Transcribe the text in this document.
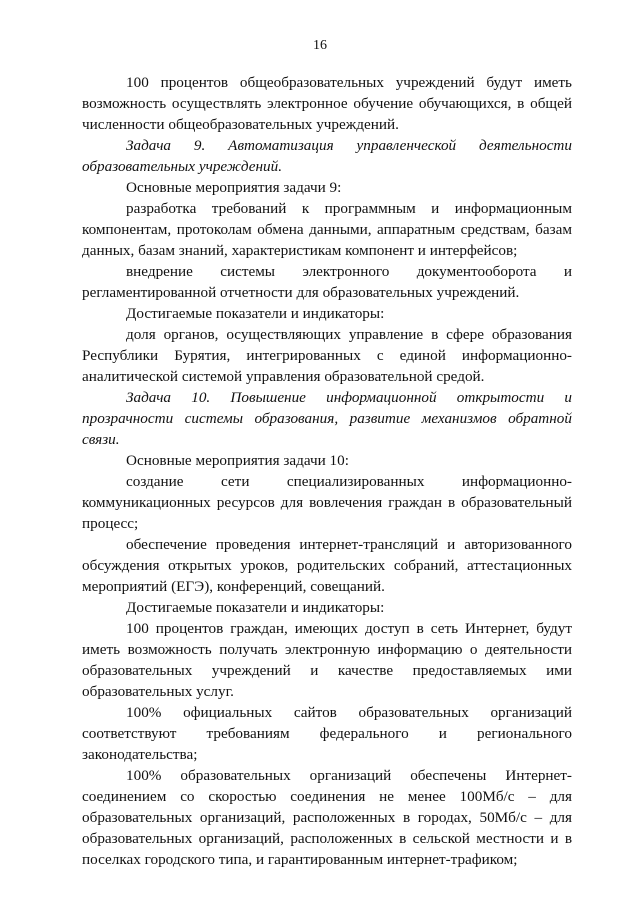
16

100 процентов общеобразовательных учреждений будут иметь возможность осуществлять электронное обучение обучающихся, в общей численности общеобразовательных учреждений.

Задача 9. Автоматизация управленческой деятельности образовательных учреждений.

Основные мероприятия задачи 9:

разработка требований к программным и информационным компонентам, протоколам обмена данными, аппаратным средствам, базам данных, базам знаний, характеристикам компонент и интерфейсов;

внедрение системы электронного документооборота и регламентированной отчетности для образовательных учреждений.

Достигаемые показатели и индикаторы:

доля органов, осуществляющих управление в сфере образования Республики Бурятия, интегрированных с единой информационно-аналитической системой управления образовательной средой.

Задача 10. Повышение информационной открытости и прозрачности системы образования, развитие механизмов обратной связи.

Основные мероприятия задачи 10:

создание сети специализированных информационно-коммуникационных ресурсов для вовлечения граждан в образовательный процесс;

обеспечение проведения интернет-трансляций и авторизованного обсуждения открытых уроков, родительских собраний, аттестационных мероприятий (ЕГЭ), конференций, совещаний.

Достигаемые показатели и индикаторы:

100 процентов граждан, имеющих доступ в сеть Интернет, будут иметь возможность получать электронную информацию о деятельности образовательных учреждений и качестве предоставляемых ими образовательных услуг.

100% официальных сайтов образовательных организаций соответствуют требованиям федерального и регионального законодательства;

100% образовательных организаций обеспечены Интернет-соединением со скоростью соединения не менее 100Мб/с – для образовательных организаций, расположенных в городах, 50Мб/с – для образовательных организаций, расположенных в сельской местности и в поселках городского типа, и гарантированным интернет-трафиком;
